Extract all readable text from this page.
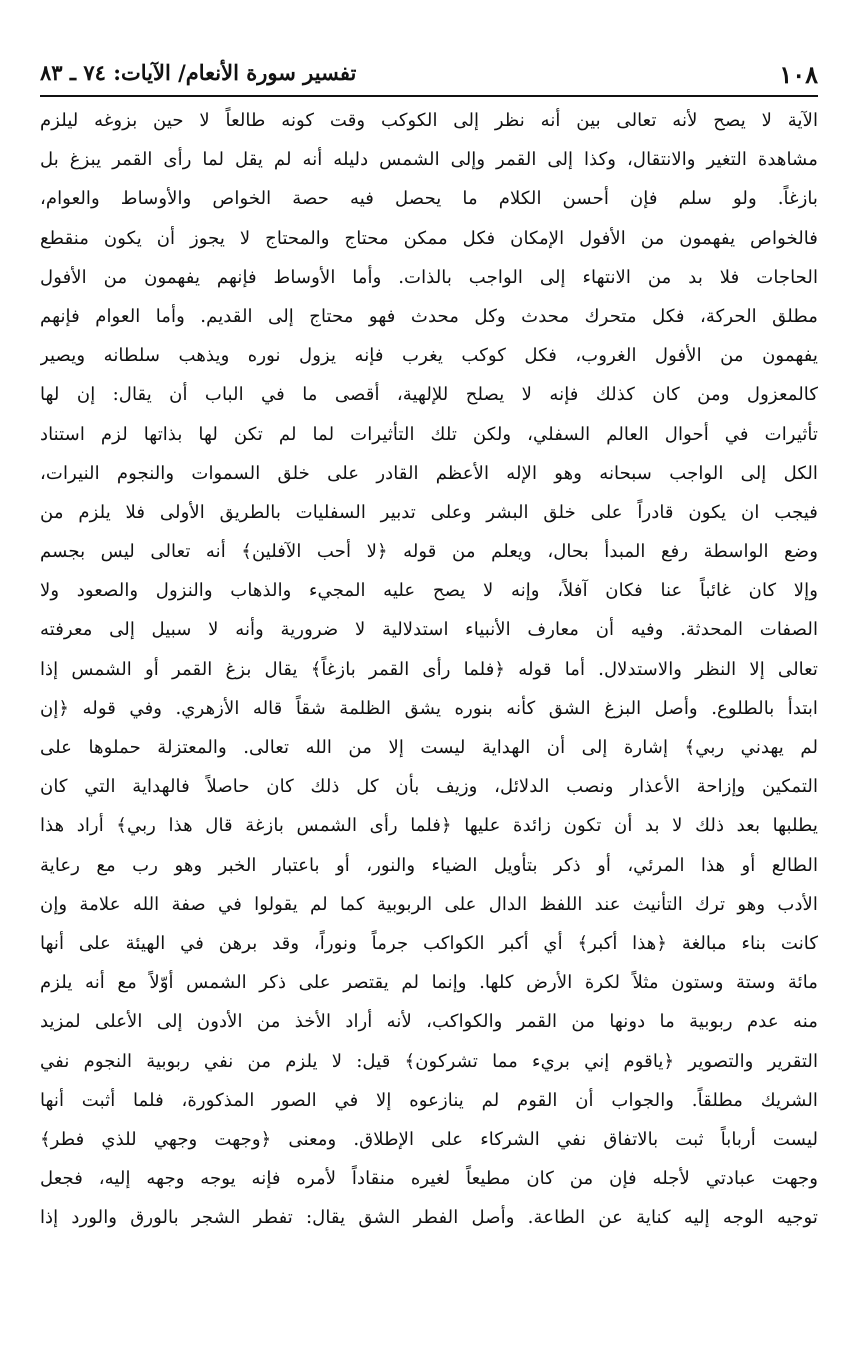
١٠٨
تفسير سورة الأنعام/ الآيات: ٧٤ ـ ٨٣
الآية لا يصح لأنه تعالى بين أنه نظر إلى الكوكب وقت كونه طالعاً لا حين بزوغه ليلزم
مشاهدة التغير والانتقال، وكذا إلى القمر وإلى الشمس دليله أنه لم يقل لما رأى القمر يبزغ بل
بازغاً. ولو سلم فإن أحسن الكلام ما يحصل فيه حصة الخواص والأوساط والعوام،
فالخواص يفهمون من الأفول الإمكان فكل ممكن محتاج والمحتاج لا يجوز أن يكون منقطع
الحاجات فلا بد من الانتهاء إلى الواجب بالذات. وأما الأوساط فإنهم يفهمون من الأفول
مطلق الحركة، فكل متحرك محدث وكل محدث فهو محتاج إلى القديم. وأما العوام فإنهم
يفهمون من الأفول الغروب، فكل كوكب يغرب فإنه يزول نوره ويذهب سلطانه ويصير
كالمعزول ومن كان كذلك فإنه لا يصلح للإلهية، أقصى ما في الباب أن يقال: إن لها
تأثيرات في أحوال العالم السفلي، ولكن تلك التأثيرات لما لم تكن لها بذاتها لزم استناد
الكل إلى الواجب سبحانه وهو الإله الأعظم القادر على خلق السموات والنجوم النيرات،
فيجب ان يكون قادراً على خلق البشر وعلى تدبير السفليات بالطريق الأولى فلا يلزم من
وضع الواسطة رفع المبدأ بحال، ويعلم من قوله ﴿لا أحب الآفلين﴾ أنه تعالى ليس بجسم
وإلا كان غائباً عنا فكان آفلاً، وإنه لا يصح عليه المجيء والذهاب والنزول والصعود ولا
الصفات المحدثة. وفيه أن معارف الأنبياء استدلالية لا ضرورية وأنه لا سبيل إلى معرفته
تعالى إلا النظر والاستدلال. أما قوله ﴿فلما رأى القمر بازغاً﴾ يقال بزغ القمر أو الشمس إذا
ابتدأ بالطلوع. وأصل البزغ الشق كأنه بنوره يشق الظلمة شقاً قاله الأزهري. وفي قوله ﴿إن
لم يهدني ربي﴾ إشارة إلى أن الهداية ليست إلا من الله تعالى. والمعتزلة حملوها على
التمكين وإزاحة الأعذار ونصب الدلائل، وزيف بأن كل ذلك كان حاصلاً فالهداية التي كان
يطلبها بعد ذلك لا بد أن تكون زائدة عليها ﴿فلما رأى الشمس بازغة قال هذا ربي﴾ أراد هذا
الطالع أو هذا المرئي، أو ذكر بتأويل الضياء والنور، أو باعتبار الخبر وهو رب مع رعاية
الأدب وهو ترك التأنيث عند اللفظ الدال على الربوبية كما لم يقولوا في صفة الله علامة وإن
كانت بناء مبالغة ﴿هذا أكبر﴾ أي أكبر الكواكب جرماً ونوراً، وقد برهن في الهيئة على أنها
مائة وستة وستون مثلاً لكرة الأرض كلها. وإنما لم يقتصر على ذكر الشمس أوّلاً مع أنه يلزم
منه عدم ربوبية ما دونها من القمر والكواكب، لأنه أراد الأخذ من الأدون إلى الأعلى لمزيد
التقرير والتصوير ﴿ياقوم إني بريء مما تشركون﴾ قيل: لا يلزم من نفي ربوبية النجوم نفي
الشريك مطلقاً. والجواب أن القوم لم ينازعوه إلا في الصور المذكورة، فلما أثبت أنها
ليست أرباباً ثبت بالاتفاق نفي الشركاء على الإطلاق. ومعنى ﴿وجهت وجهي للذي فطر﴾
وجهت عبادتي لأجله فإن من كان مطيعاً لغيره منقاداً لأمره فإنه يوجه وجهه إليه، فجعل
توجيه الوجه إليه كناية عن الطاعة. وأصل الفطر الشق يقال: تفطر الشجر بالورق والورد إذا
